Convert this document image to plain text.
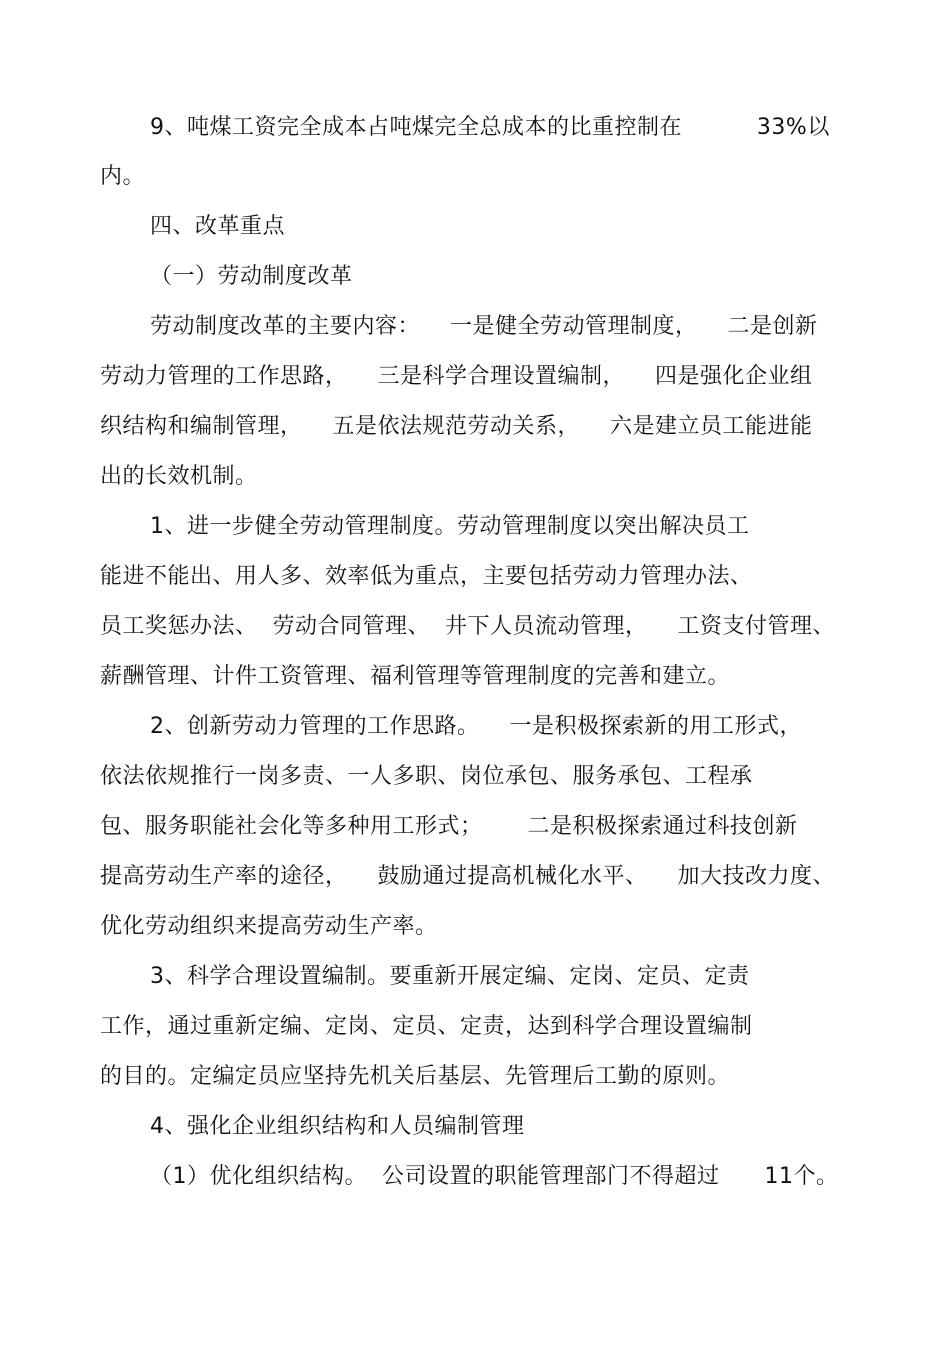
9、吨煤工资完全成本占吨煤完全总成本的比重控制在          33%以
内。
四、改革重点
（一）劳动制度改革
劳动制度改革的主要内容：    一是健全劳动管理制度，    二是创新
劳动力管理的工作思路，    三是科学合理设置编制，    四是强化企业组
织结构和编制管理，    五是依法规范劳动关系，    六是建立员工能进能
出的长效机制。
1、进一步健全劳动管理制度。劳动管理制度以突出解决员工
能进不能出、用人多、效率低为重点，主要包括劳动力管理办法、
员工奖惩办法、  劳动合同管理、  井下人员流动管理，    工资支付管理、
薪酬管理、计件工资管理、福利管理等管理制度的完善和建立。
2、创新劳动力管理的工作思路。    一是积极探索新的用工形式，
依法依规推行一岗多责、一人多职、岗位承包、服务承包、工程承
包、服务职能社会化等多种用工形式；      二是积极探索通过科技创新
提高劳动生产率的途径，    鼓励通过提高机械化水平、    加大技改力度、
优化劳动组织来提高劳动生产率。
3、科学合理设置编制。要重新开展定编、定岗、定员、定责
工作，通过重新定编、定岗、定员、定责，达到科学合理设置编制
的目的。定编定员应坚持先机关后基层、先管理后工勤的原则。
4、强化企业组织结构和人员编制管理
（1）优化组织结构。  公司设置的职能管理部门不得超过      11个。
